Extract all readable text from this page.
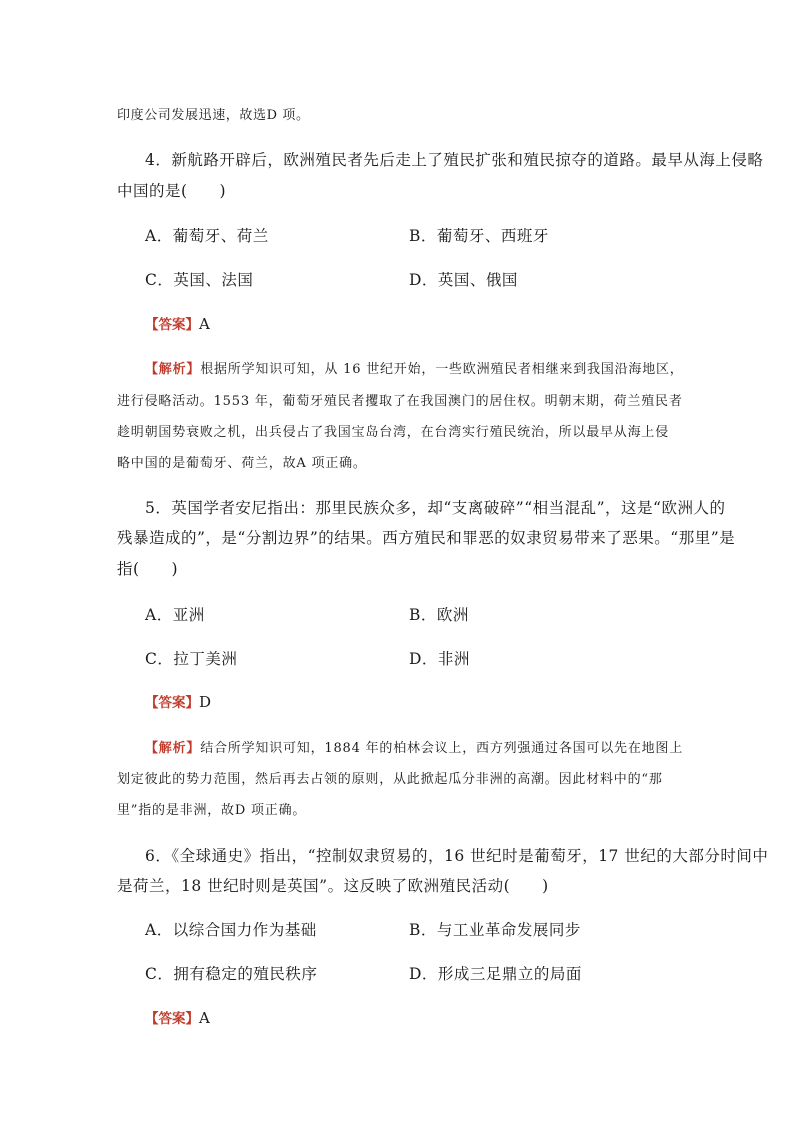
印度公司发展迅速，故选D 项。
4．新航路开辟后，欧洲殖民者先后走上了殖民扩张和殖民掠夺的道路。最早从海上侵略
中国的是(　　)
A．葡萄牙、荷兰	B．葡萄牙、西班牙
C．英国、法国	D．英国、俄国
【答案】A
【解析】根据所学知识可知，从 16 世纪开始，一些欧洲殖民者相继来到我国沿海地区，
进行侵略活动。1553 年，葡萄牙殖民者攫取了在我国澳门的居住权。明朝末期，荷兰殖民者
趁明朝国势衰败之机，出兵侵占了我国宝岛台湾，在台湾实行殖民统治，所以最早从海上侵
略中国的是葡萄牙、荷兰，故A 项正确。
5．英国学者安尼指出：那里民族众多，却“支离破碎”“相当混乱”，这是“欧洲人的
残暴造成的”，是“分割边界”的结果。西方殖民和罪恶的奴隶贸易带来了恶果。“那里”是
指(　　)
A．亚洲	B．欧洲
C．拉丁美洲	D．非洲
【答案】D
【解析】结合所学知识可知，1884 年的柏林会议上，西方列强通过各国可以先在地图上
划定彼此的势力范围，然后再去占领的原则，从此掀起瓜分非洲的高潮。因此材料中的“那
里”指的是非洲，故D 项正确。
6．《全球通史》指出，“控制奴隶贸易的，16 世纪时是葡萄牙，17 世纪的大部分时间中
是荷兰，18 世纪时则是英国”。这反映了欧洲殖民活动(　　)
A．以综合国力作为基础	B．与工业革命发展同步
C．拥有稳定的殖民秩序	D．形成三足鼎立的局面
【答案】A
